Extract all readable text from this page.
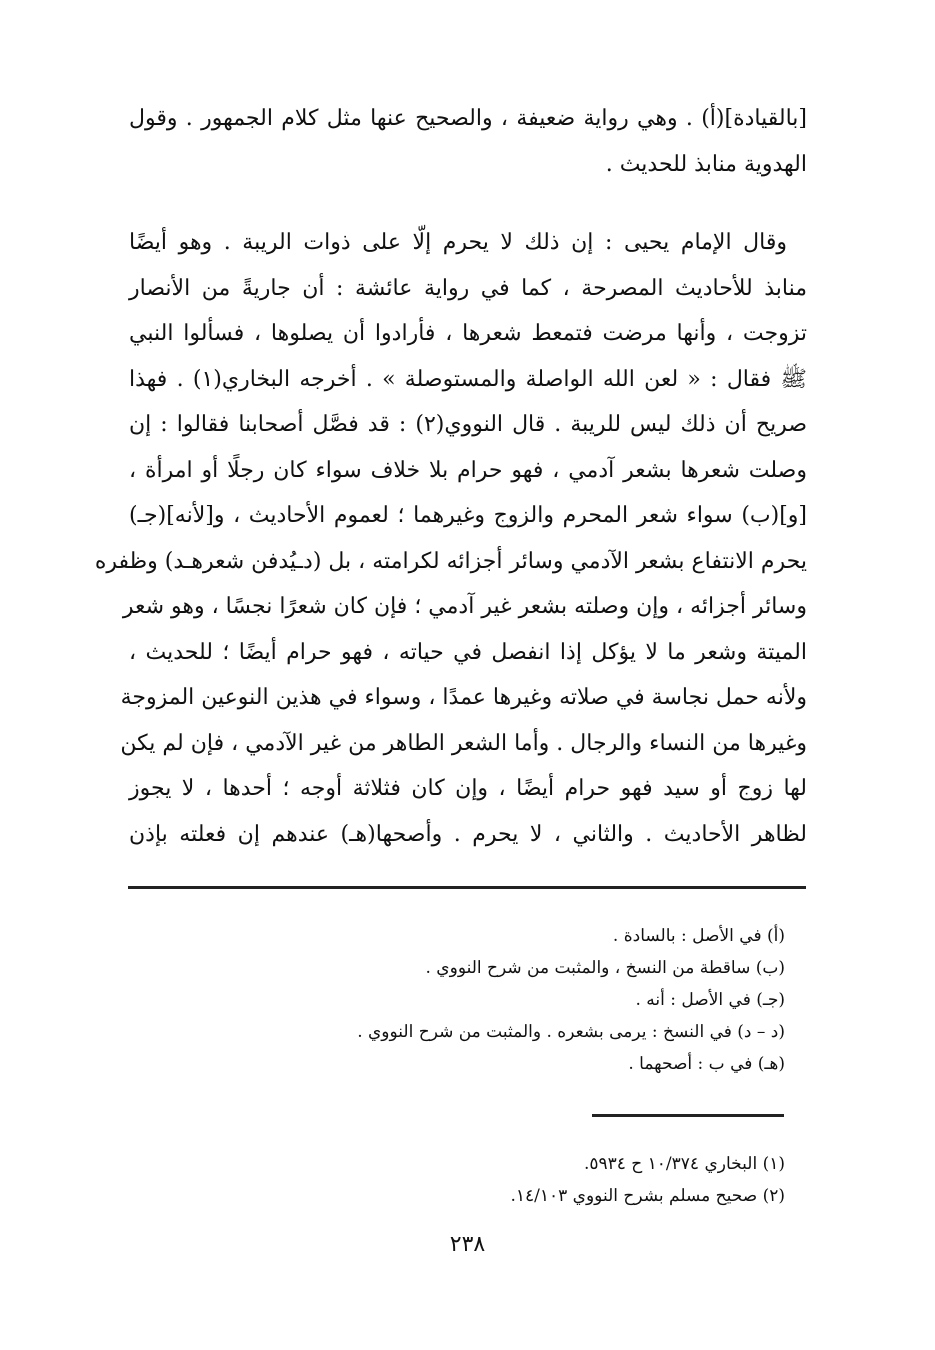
[بالقيادة](أ) . وهي رواية ضعيفة ، والصحيح عنها مثل كلام الجمهور . وقول
الهدوية منابذ للحديث .
وقال الإمام يحيى : إن ذلك لا يحرم إلّا على ذوات الريبة . وهو أيضًا
منابذ للأحاديث المصرحة ، كما في رواية عائشة : أن جاريةً من الأنصار
تزوجت ، وأنها مرضت فتمعط شعرها ، فأرادوا أن يصلوها ، فسألوا النبي
ﷺ فقال : « لعن الله الواصلة والمستوصلة » . أخرجه البخاري(١) . فهذا
صريح أن ذلك ليس للريبة . قال النووي(٢) : قد فصَّل أصحابنا فقالوا : إن
وصلت شعرها بشعر آدمي ، فهو حرام بلا خلاف سواء كان رجلًا أو امرأة ،
[و](ب) سواء شعر المحرم والزوج وغيرهما ؛ لعموم الأحاديث ، و[لأنه](جـ)
يحرم الانتفاع بشعر الآدمي وسائر أجزائه لكرامته ، بل (دـيُدفن شعرهـد) وظفره
وسائر أجزائه ، وإن وصلته بشعر غير آدمي ؛ فإن كان شعرًا نجسًا ، وهو شعر
الميتة وشعر ما لا يؤكل إذا انفصل في حياته ، فهو حرام أيضًا ؛ للحديث ،
ولأنه حمل نجاسة في صلاته وغيرها عمدًا ، وسواء في هذين النوعين المزوجة
وغيرها من النساء والرجال . وأما الشعر الطاهر من غير الآدمي ، فإن لم يكن
لها زوج أو سيد فهو حرام أيضًا ، وإن كان فثلاثة أوجه ؛ أحدها ، لا يجوز
لظاهر الأحاديث . والثاني ، لا يحرم . وأصحها(هـ) عندهم إن فعلته بإذن
(أ) في الأصل : بالسادة .
(ب) ساقطة من النسخ ، والمثبت من شرح النووي .
(جـ) في الأصل : أنه .
(د – د) في النسخ : يرمى بشعره . والمثبت من شرح النووي .
(هـ) في ب : أصحهما .
(١) البخاري ١٠/٣٧٤ ح ٥٩٣٤.
(٢) صحيح مسلم بشرح النووي ١٤/١٠٣.
٢٣٨
